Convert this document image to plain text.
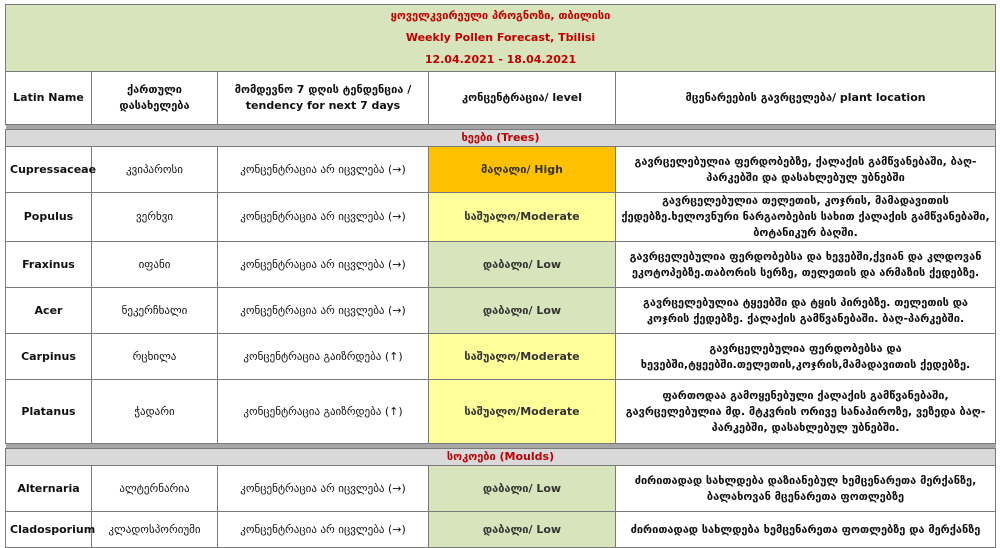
ყოველკვირეული პროგნოზი, თბილისი
Weekly Pollen Forecast, Tbilisi
12.04.2021 - 18.04.2021				

Latin Name	ქართული დასახელება	მომდევნო 7 დღის ტენდენცია / tendency for next 7 days	კონცენტრაცია/ level	მცენარეების გავრცელება/ plant location

ხეები (Trees)				
Cupressaceae	კვიპაროსი	კონცენტრაცია არ იცვლება (→)	მაღალი/ High	გავრცელებულია ფერდობებზე, ქალაქის გამწვანებაში, ბაღ-პარკებში და დასახლებულ უბნებში
Populus	ვერხვი	კონცენტრაცია არ იცვლება (→)	საშუალო/Moderate	გავრცელებულია თელეთის, კოჯრის, მამადავითის ქედებზე.ხელოვნური ნარგაობების სახით ქალაქის გამწვანებაში, ბოტანიკურ ბაღში.
Fraxinus	იფანი	კონცენტრაცია არ იცვლება (→)	დაბალი/ Low	გავრცელებულია ფერდობებსა და ხევებში,ქვიან და კლდოვან ეკოტოპებზე.თაბორის სერზე, თელეთის და არმაზის ქედებზე.
Acer	ნეკერჩხალი	კონცენტრაცია არ იცვლება (→)	დაბალი/ Low	გავრცელებულია ტყეებში და ტყის პირებზე. თელეთის და კოჯრის ქედებზე. ქალაქის გამწვანებაში. ბაღ-პარკებში.
Carpinus	რცხილა	კონცენტრაცია გაიზრდება (↑)	საშუალო/Moderate	გავრცელებულია ფერდობებსა და ხევებში,ტყეებში.თელეთის,კოჯრის,მამადავითის ქედებზე.
Platanus	ჭადარი	კონცენტრაცია გაიზრდება (↑)	საშუალო/Moderate	ფართოდაა გამოყენებული ქალაქის გამწვანებაში, გავრცელებულია მდ. მტკვრის ორივე სანაპიროზე, ვეზედა ბაღ-პარკებში, დასახლებულ უბნებში.

სოკოები (Moulds)				
Alternaria	ალტერნარია	კონცენტრაცია არ იცვლება (→)	დაბალი/ Low	ძირითადად სახლდება დაზიანებულ ხემცენარეთა მერქანზე, ბალახოვან მცენარეთა ფოთლებზე
Cladosporium	კლადოსპორიუმი	კონცენტრაცია არ იცვლება (→)	დაბალი/ Low	ძირითადად სახლდება ხემცენარეთა ფოთლებზე და მერქანზე
